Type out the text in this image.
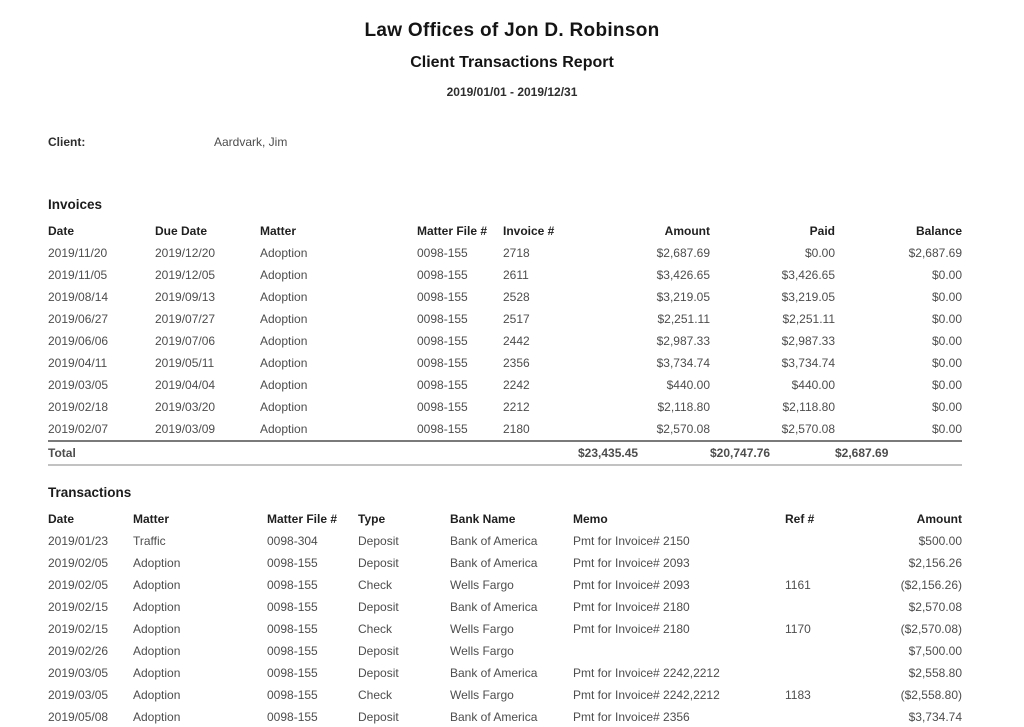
Law Offices of Jon D. Robinson
Client Transactions Report
2019/01/01 - 2019/12/31
Client:	Aardvark, Jim
Invoices
Date	Due Date	Matter	Matter File #	Invoice #	Amount	Paid	Balance
2019/11/20	2019/12/20	Adoption	0098-155	2718	$2,687.69	$0.00	$2,687.69
2019/11/05	2019/12/05	Adoption	0098-155	2611	$3,426.65	$3,426.65	$0.00
2019/08/14	2019/09/13	Adoption	0098-155	2528	$3,219.05	$3,219.05	$0.00
2019/06/27	2019/07/27	Adoption	0098-155	2517	$2,251.11	$2,251.11	$0.00
2019/06/06	2019/07/06	Adoption	0098-155	2442	$2,987.33	$2,987.33	$0.00
2019/04/11	2019/05/11	Adoption	0098-155	2356	$3,734.74	$3,734.74	$0.00
2019/03/05	2019/04/04	Adoption	0098-155	2242	$440.00	$440.00	$0.00
2019/02/18	2019/03/20	Adoption	0098-155	2212	$2,118.80	$2,118.80	$0.00
2019/02/07	2019/03/09	Adoption	0098-155	2180	$2,570.08	$2,570.08	$0.00
Total					$23,435.45	$20,747.76	$2,687.69
Transactions
Date	Matter	Matter File #	Type	Bank Name	Memo	Ref #	Amount
2019/01/23	Traffic	0098-304	Deposit	Bank of America	Pmt for Invoice# 2150		$500.00
2019/02/05	Adoption	0098-155	Deposit	Bank of America	Pmt for Invoice# 2093		$2,156.26
2019/02/05	Adoption	0098-155	Check	Wells Fargo	Pmt for Invoice# 2093	1161	($2,156.26)
2019/02/15	Adoption	0098-155	Deposit	Bank of America	Pmt for Invoice# 2180		$2,570.08
2019/02/15	Adoption	0098-155	Check	Wells Fargo	Pmt for Invoice# 2180	1170	($2,570.08)
2019/02/26	Adoption	0098-155	Deposit	Wells Fargo			$7,500.00
2019/03/05	Adoption	0098-155	Deposit	Bank of America	Pmt for Invoice# 2242,2212		$2,558.80
2019/03/05	Adoption	0098-155	Check	Wells Fargo	Pmt for Invoice# 2242,2212	1183	($2,558.80)
2019/05/08	Adoption	0098-155	Deposit	Bank of America	Pmt for Invoice# 2356		$3,734.74
